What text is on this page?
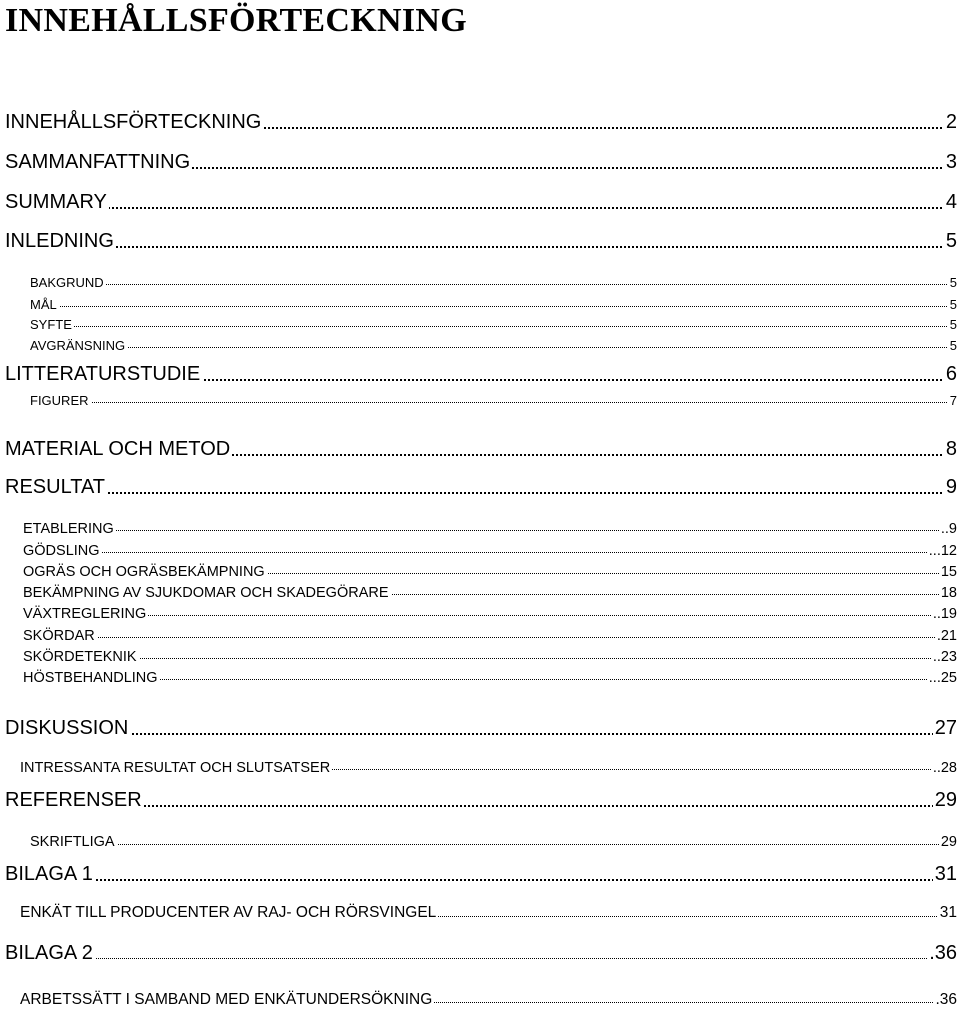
INNEHÅLLSFÖRTECKNING
INNEHÅLLSFÖRTECKNING	2
SAMMANFATTNING	3
SUMMARY	4
INLEDNING	5
BAKGRUND	5
MÅL	5
SYFTE	5
AVGRÄNSNING	5
LITTERATURSTUDIE	6
FIGURER	7
MATERIAL OCH METOD	8
RESULTAT	9
ETABLERING	..9
GÖDSLING	...12
OGRÄS OCH OGRÄSBEKÄMPNING	15
BEKÄMPNING AV SJUKDOMAR OCH SKADEGÖRARE	18
VÄXTREGLERING	..19
SKÖRDAR	.21
SKÖRDETEKNIK	..23
HÖSTBEHANDLING	...25
DISKUSSION	27
INTRESSANTA RESULTAT OCH SLUTSATSER	..28
REFERENSER	29
SKRIFTLIGA	29
BILAGA 1	31
ENKÄT TILL PRODUCENTER AV RAJ- OCH RÖRSVINGEL	31
BILAGA 2	.36
ARBETSSÄTT I SAMBAND MED ENKÄTUNDERSÖKNING	.36
